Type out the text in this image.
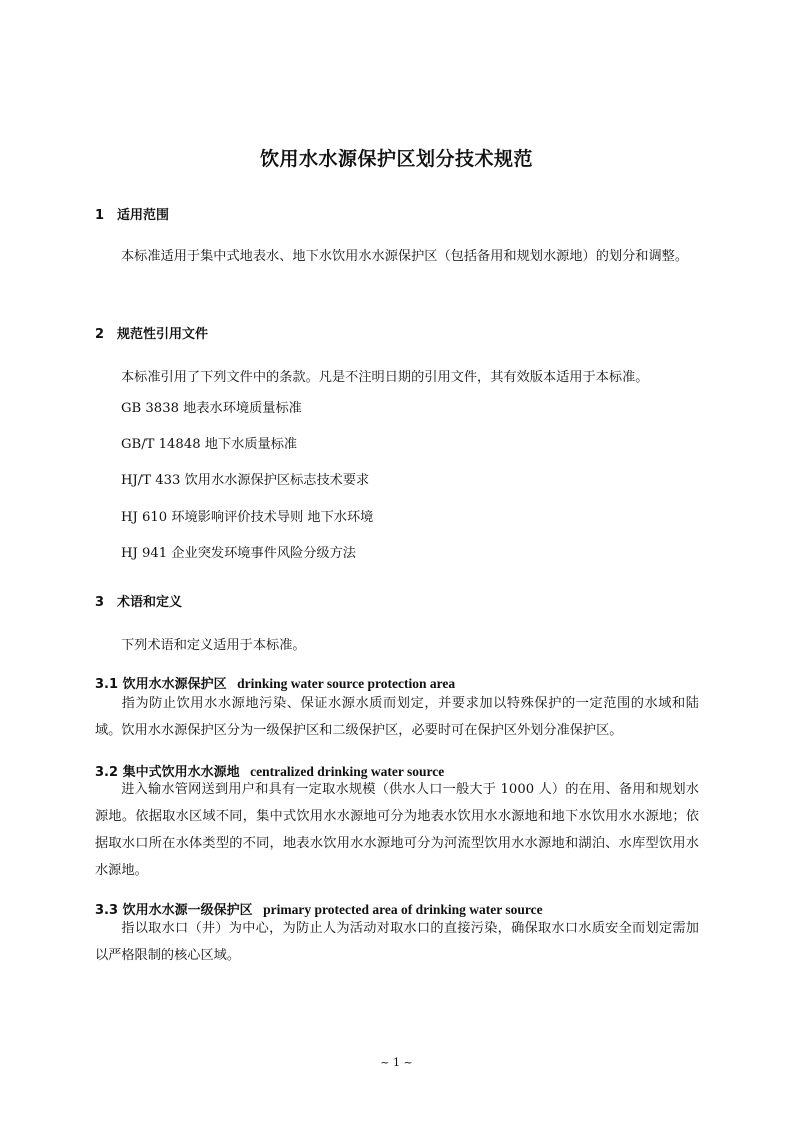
饮用水水源保护区划分技术规范
1 适用范围
本标准适用于集中式地表水、地下水饮用水水源保护区（包括备用和规划水源地）的划分和调整。
2 规范性引用文件
本标准引用了下列文件中的条款。凡是不注明日期的引用文件，其有效版本适用于本标准。
GB 3838 地表水环境质量标准
GB/T 14848 地下水质量标准
HJ/T 433 饮用水水源保护区标志技术要求
HJ 610 环境影响评价技术导则 地下水环境
HJ 941 企业突发环境事件风险分级方法
3 术语和定义
下列术语和定义适用于本标准。
3.1 饮用水水源保护区 drinking water source protection area
指为防止饮用水水源地污染、保证水源水质而划定，并要求加以特殊保护的一定范围的水域和陆域。饮用水水源保护区分为一级保护区和二级保护区，必要时可在保护区外划分准保护区。
3.2 集中式饮用水水源地 centralized drinking water source
进入输水管网送到用户和具有一定取水规模（供水人口一般大于 1000 人）的在用、备用和规划水源地。依据取水区域不同，集中式饮用水水源地可分为地表水饮用水水源地和地下水饮用水水源地；依据取水口所在水体类型的不同，地表水饮用水水源地可分为河流型饮用水水源地和湖泊、水库型饮用水水源地。
3.3 饮用水水源一级保护区 primary protected area of drinking water source
指以取水口（井）为中心，为防止人为活动对取水口的直接污染，确保取水口水质安全而划定需加以严格限制的核心区域。
~ 1 ~
